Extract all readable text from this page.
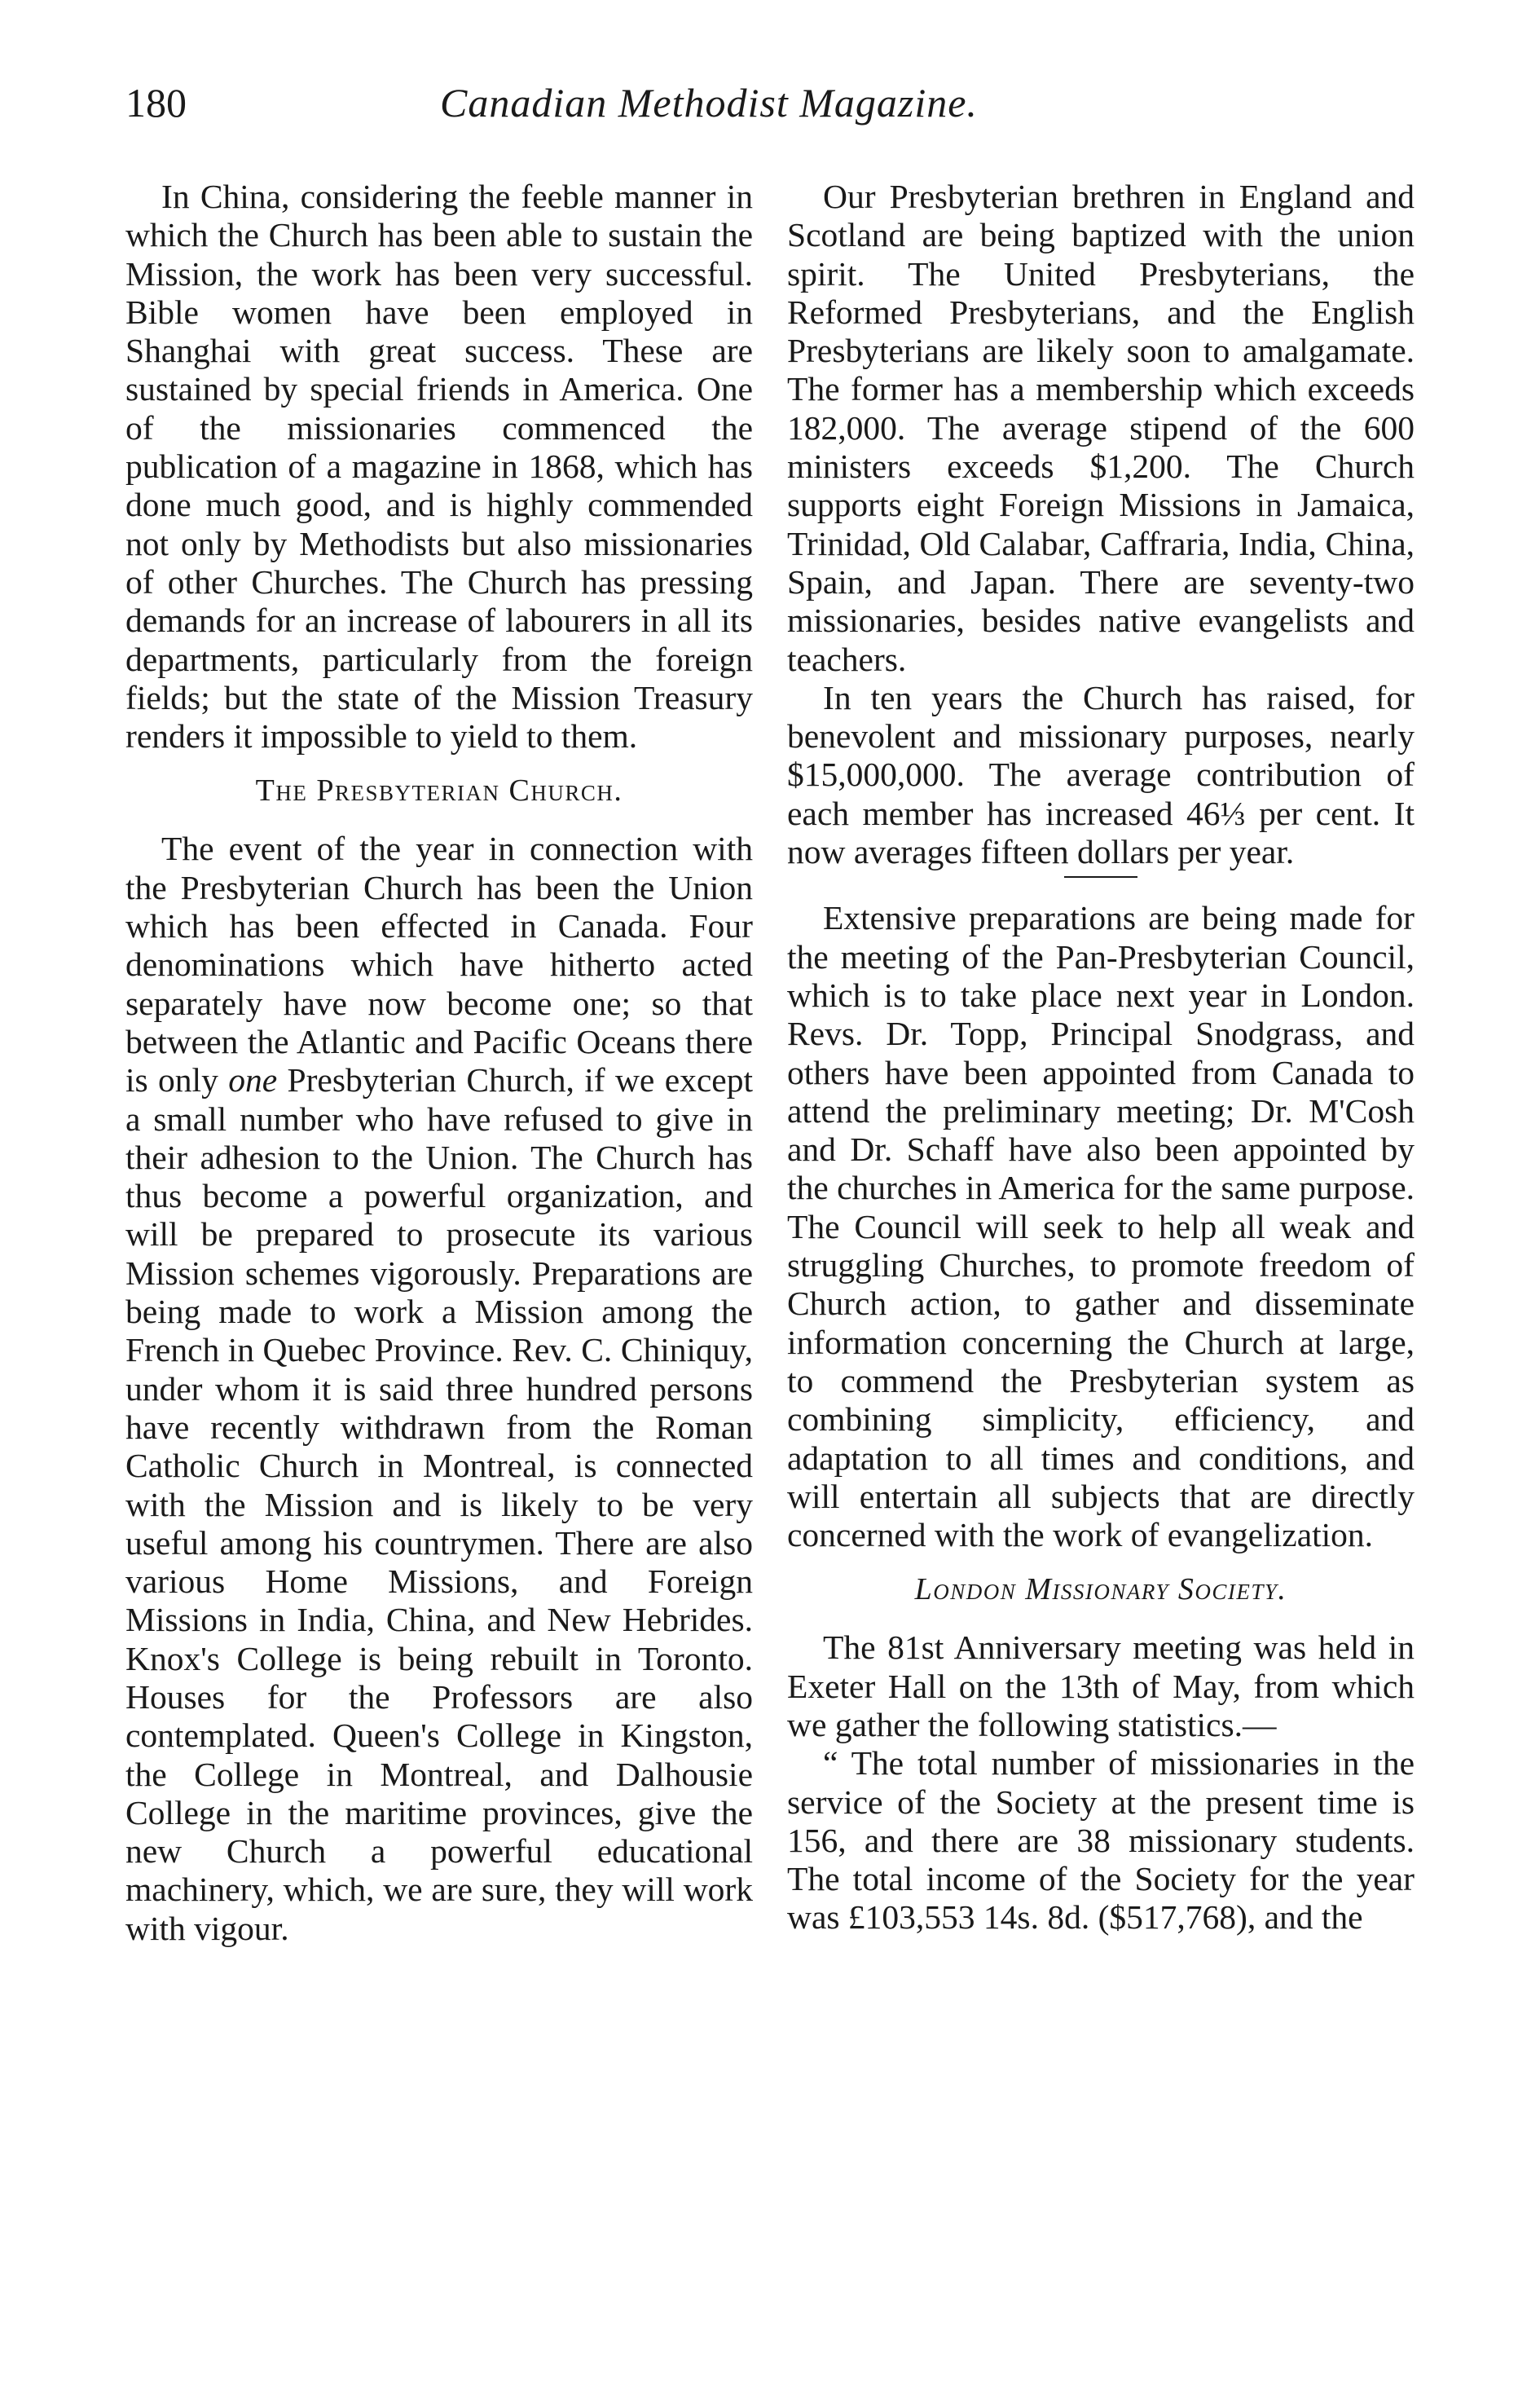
180	Canadian Methodist Magazine.

In China, considering the feeble manner in which the Church has been able to sustain the Mission, the work has been very successful. Bible women have been employed in Shanghai with great success. These are sustained by special friends in America. One of the missionaries commenced the publication of a magazine in 1868, which has done much good, and is highly commended not only by Methodists but also missionaries of other Churches. The Church has pressing demands for an increase of labourers in all its departments, particularly from the foreign fields; but the state of the Mission Treasury renders it impossible to yield to them.

The Presbyterian Church.

The event of the year in connection with the Presbyterian Church has been the Union which has been effected in Canada. Four denominations which have hitherto acted separately have now become one; so that between the Atlantic and Pacific Oceans there is only one Presbyterian Church, if we except a small number who have refused to give in their adhesion to the Union. The Church has thus become a powerful organization, and will be prepared to prosecute its various Mission schemes vigorously. Preparations are being made to work a Mission among the French in Quebec Province. Rev. C. Chiniquy, under whom it is said three hundred persons have recently withdrawn from the Roman Catholic Church in Montreal, is connected with the Mission and is likely to be very useful among his countrymen. There are also various Home Missions, and Foreign Missions in India, China, and New Hebrides. Knox's College is being rebuilt in Toronto. Houses for the Professors are also contemplated. Queen's College in Kingston, the College in Montreal, and Dalhousie College in the maritime provinces, give the new Church a powerful educational machinery, which, we are sure, they will work with vigour.

Our Presbyterian brethren in England and Scotland are being baptized with the union spirit. The United Presbyterians, the Reformed Presbyterians, and the English Presbyterians are likely soon to amalgamate. The former has a membership which exceeds 182,000. The average stipend of the 600 ministers exceeds $1,200. The Church supports eight Foreign Missions in Jamaica, Trinidad, Old Calabar, Caffraria, India, China, Spain, and Japan. There are seventy-two missionaries, besides native evangelists and teachers.

In ten years the Church has raised, for benevolent and missionary purposes, nearly $15,000,000. The average contribution of each member has increased 46⅓ per cent. It now averages fifteen dollars per year.

Extensive preparations are being made for the meeting of the Pan-Presbyterian Council, which is to take place next year in London. Revs. Dr. Topp, Principal Snodgrass, and others have been appointed from Canada to attend the preliminary meeting; Dr. M'Cosh and Dr. Schaff have also been appointed by the churches in America for the same purpose. The Council will seek to help all weak and struggling Churches, to promote freedom of Church action, to gather and disseminate information concerning the Church at large, to commend the Presbyterian system as combining simplicity, efficiency, and adaptation to all times and conditions, and will entertain all subjects that are directly concerned with the work of evangelization.

London Missionary Society.

The 81st Anniversary meeting was held in Exeter Hall on the 13th of May, from which we gather the following statistics.—

“ The total number of missionaries in the service of the Society at the present time is 156, and there are 38 missionary students. The total income of the Society for the year was £103,553 14s. 8d. ($517,768), and the
